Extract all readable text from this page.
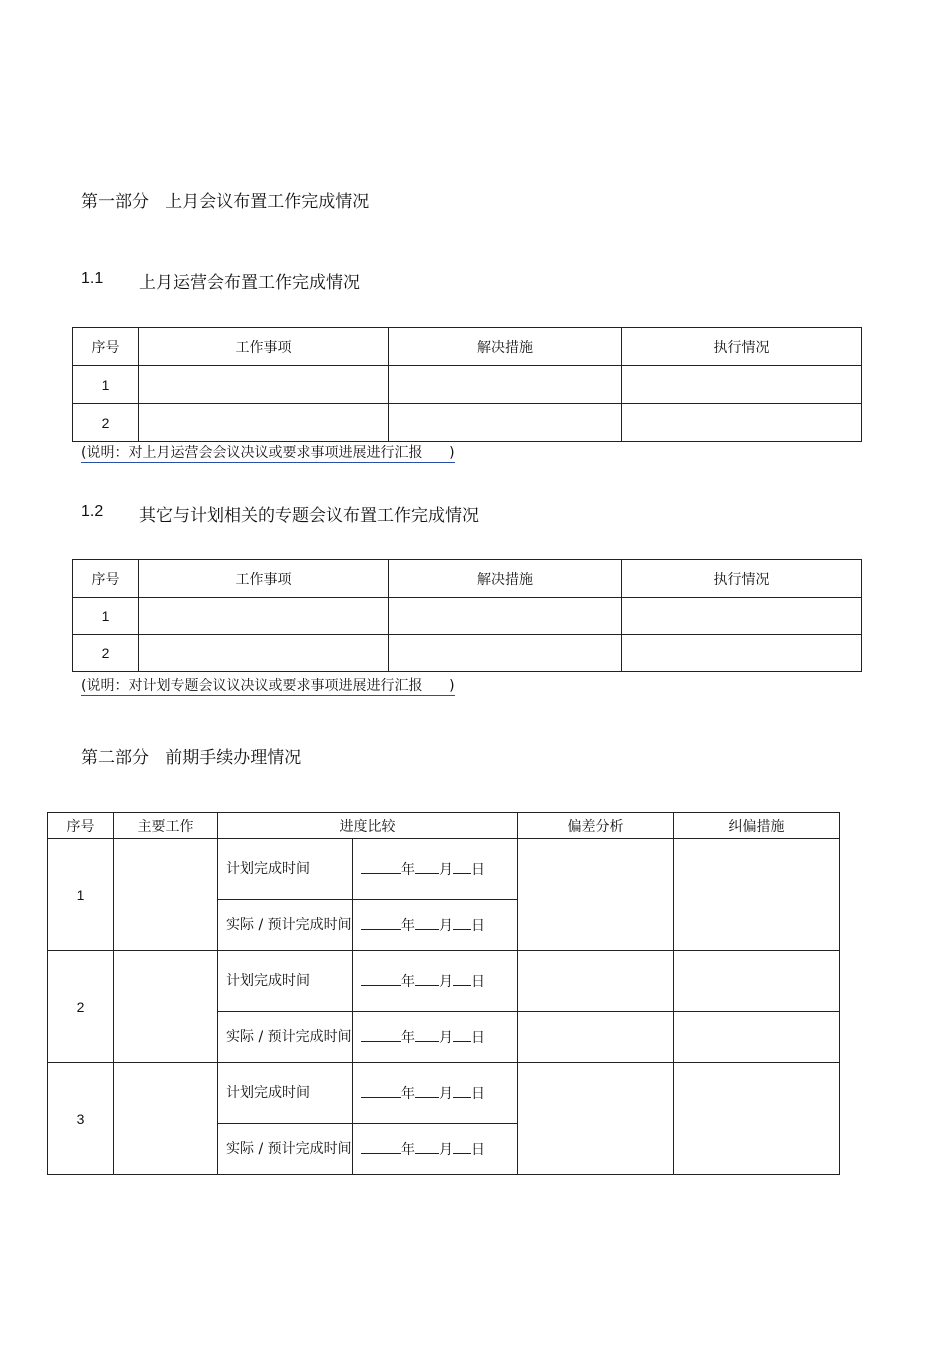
第一部分   上月会议布置工作完成情况
1.1 上月运营会布置工作完成情况
序号	工作事项	解决措施	执行情况
1			
2			
(说明：对上月运营会会议决议或要求事项进展进行汇报      )
1.2 其它与计划相关的专题会议布置工作完成情况
序号	工作事项	解决措施	执行情况
1			
2			
(说明：对计划专题会议议决议或要求事项进展进行汇报      )
第二部分   前期手续办理情况
序号	主要工作	进度比较		偏差分析	纠偏措施
1		计划完成时间	年 月 日		
		实际 / 预计完成时间	年 月 日		
2		计划完成时间	年 月 日		
		实际 / 预计完成时间	年 月 日		
3		计划完成时间	年 月 日		
		实际 / 预计完成时间	年 月 日		
